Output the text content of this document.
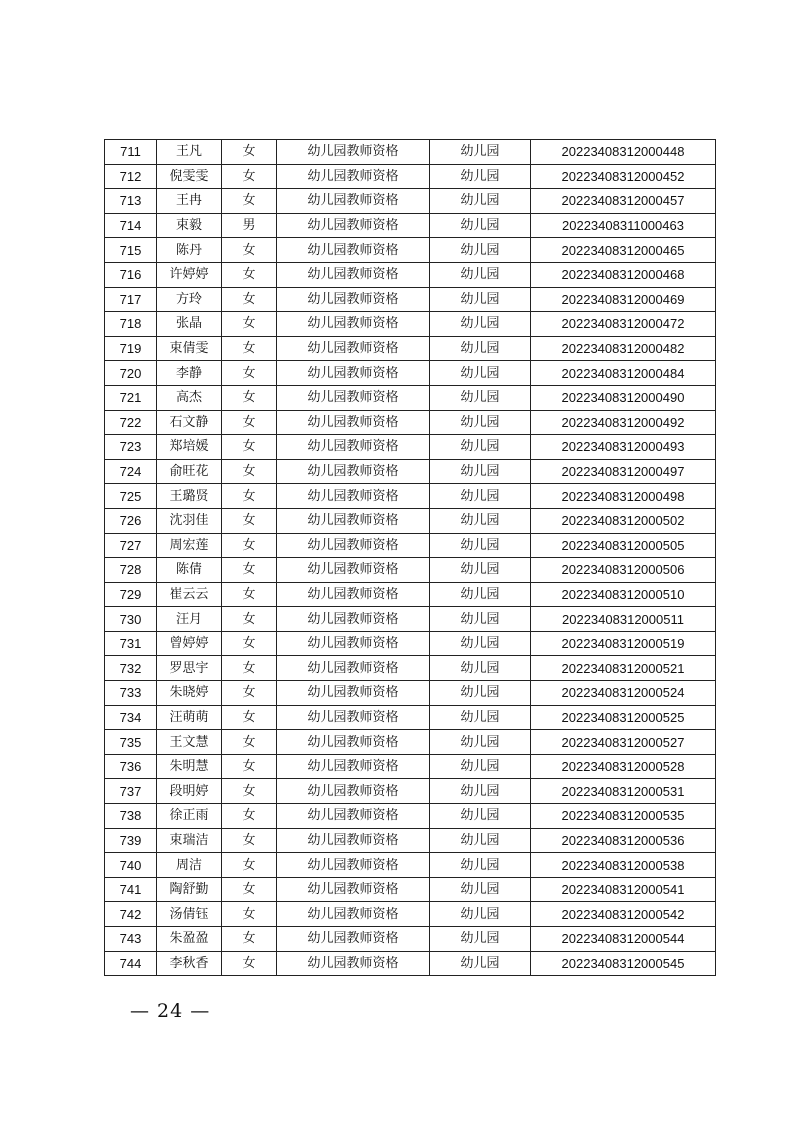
711	王凡	女	幼儿园教师资格	幼儿园	20223408312000448
712	倪雯雯	女	幼儿园教师资格	幼儿园	20223408312000452
713	王冉	女	幼儿园教师资格	幼儿园	20223408312000457
714	束毅	男	幼儿园教师资格	幼儿园	20223408311000463
715	陈丹	女	幼儿园教师资格	幼儿园	20223408312000465
716	许婷婷	女	幼儿园教师资格	幼儿园	20223408312000468
717	方玲	女	幼儿园教师资格	幼儿园	20223408312000469
718	张晶	女	幼儿园教师资格	幼儿园	20223408312000472
719	束倩雯	女	幼儿园教师资格	幼儿园	20223408312000482
720	李静	女	幼儿园教师资格	幼儿园	20223408312000484
721	高杰	女	幼儿园教师资格	幼儿园	20223408312000490
722	石文静	女	幼儿园教师资格	幼儿园	20223408312000492
723	郑培媛	女	幼儿园教师资格	幼儿园	20223408312000493
724	俞旺花	女	幼儿园教师资格	幼儿园	20223408312000497
725	王璐贤	女	幼儿园教师资格	幼儿园	20223408312000498
726	沈羽佳	女	幼儿园教师资格	幼儿园	20223408312000502
727	周宏莲	女	幼儿园教师资格	幼儿园	20223408312000505
728	陈倩	女	幼儿园教师资格	幼儿园	20223408312000506
729	崔云云	女	幼儿园教师资格	幼儿园	20223408312000510
730	汪月	女	幼儿园教师资格	幼儿园	20223408312000511
731	曾婷婷	女	幼儿园教师资格	幼儿园	20223408312000519
732	罗思宇	女	幼儿园教师资格	幼儿园	20223408312000521
733	朱晓婷	女	幼儿园教师资格	幼儿园	20223408312000524
734	汪萌萌	女	幼儿园教师资格	幼儿园	20223408312000525
735	王文慧	女	幼儿园教师资格	幼儿园	20223408312000527
736	朱明慧	女	幼儿园教师资格	幼儿园	20223408312000528
737	段明婷	女	幼儿园教师资格	幼儿园	20223408312000531
738	徐正雨	女	幼儿园教师资格	幼儿园	20223408312000535
739	束瑞洁	女	幼儿园教师资格	幼儿园	20223408312000536
740	周洁	女	幼儿园教师资格	幼儿园	20223408312000538
741	陶舒勤	女	幼儿园教师资格	幼儿园	20223408312000541
742	汤倩钰	女	幼儿园教师资格	幼儿园	20223408312000542
743	朱盈盈	女	幼儿园教师资格	幼儿园	20223408312000544
744	李秋香	女	幼儿园教师资格	幼儿园	20223408312000545
— 24 —
